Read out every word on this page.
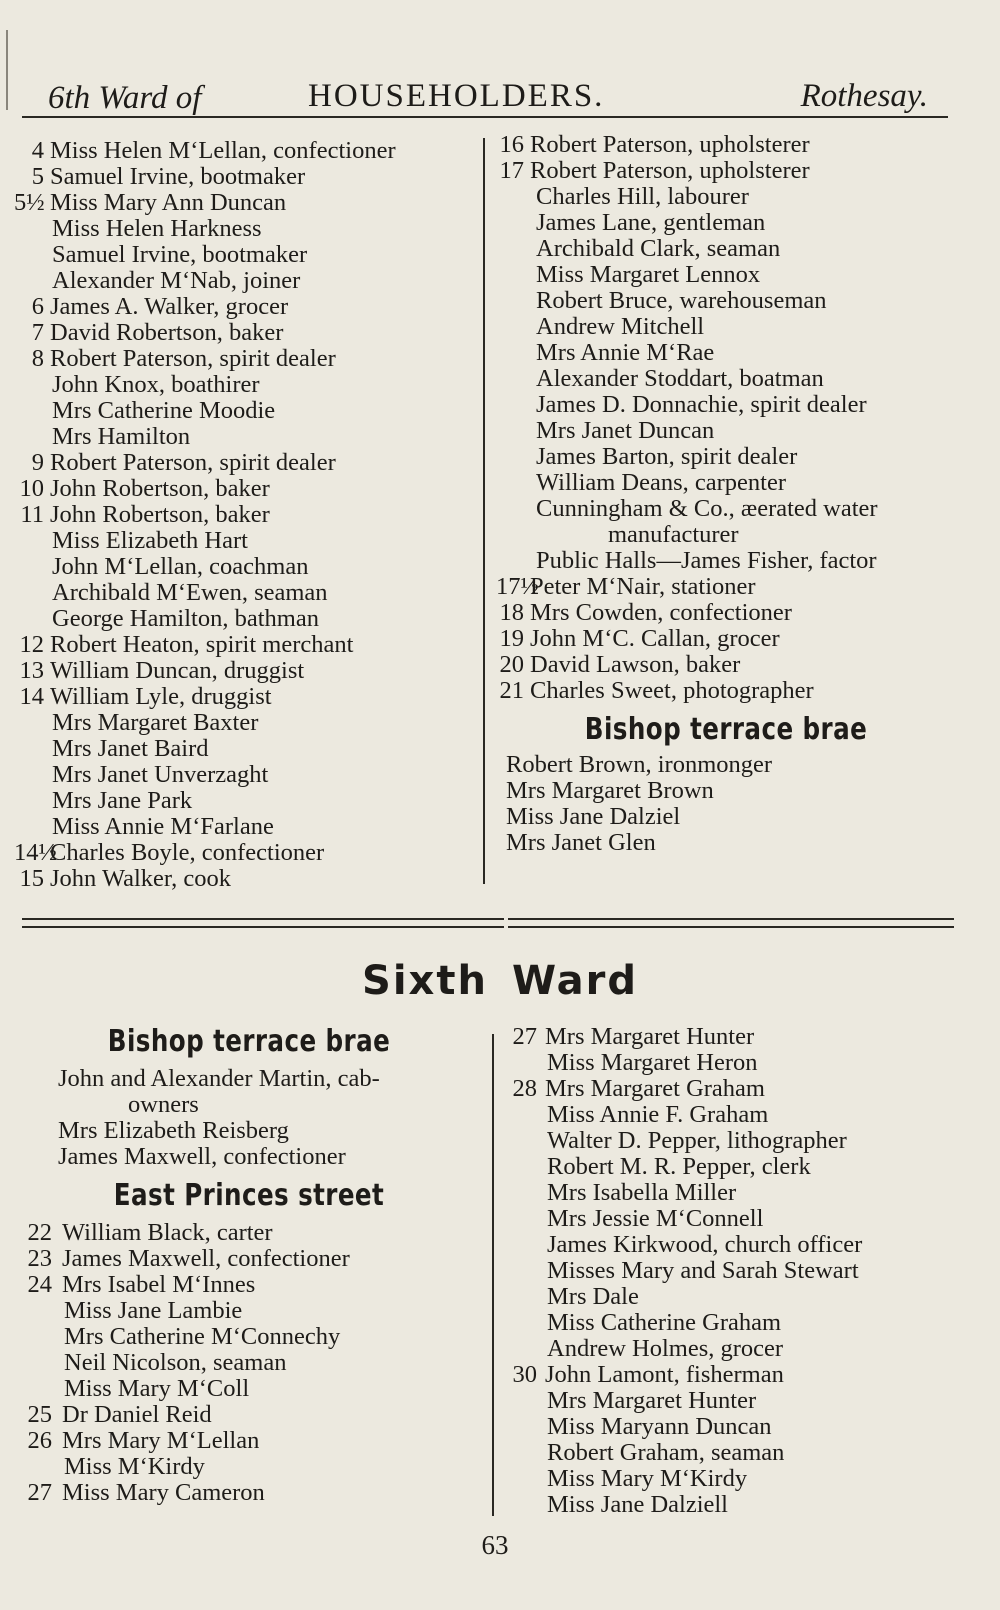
6th Ward of	HOUSEHOLDERS.	Rothesay.
4 Miss Helen M‘Lellan, confectioner
5 Samuel Irvine, bootmaker
5½ Miss Mary Ann Duncan
Miss Helen Harkness
Samuel Irvine, bootmaker
Alexander M‘Nab, joiner
6 James A. Walker, grocer
7 David Robertson, baker
8 Robert Paterson, spirit dealer
John Knox, boathirer
Mrs Catherine Moodie
Mrs Hamilton
9 Robert Paterson, spirit dealer
10 John Robertson, baker
11 John Robertson, baker
Miss Elizabeth Hart
John M‘Lellan, coachman
Archibald M‘Ewen, seaman
George Hamilton, bathman
12 Robert Heaton, spirit merchant
13 William Duncan, druggist
14 William Lyle, druggist
Mrs Margaret Baxter
Mrs Janet Baird
Mrs Janet Unverzaght
Mrs Jane Park
Miss Annie M‘Farlane
14½
Charles Boyle, confectioner
15 John Walker, cook
16 Robert Paterson, upholsterer
17 Robert Paterson, upholsterer
Charles Hill, labourer
James Lane, gentleman
Archibald Clark, seaman
Miss Margaret Lennox
Robert Bruce, warehouseman
Andrew Mitchell
Mrs Annie M‘Rae
Alexander Stoddart, boatman
James D. Donnachie, spirit dealer
Mrs Janet Duncan
James Barton, spirit dealer
William Deans, carpenter
Cunningham & Co., æerated water
manufacturer
Public Halls—James Fisher, factor
17½
Peter M‘Nair, stationer
18 Mrs Cowden, confectioner
19 John M‘C. Callan, grocer
20 David Lawson, baker
21 Charles Sweet, photographer
Bishop terrace brae
Robert Brown, ironmonger
Mrs Margaret Brown
Miss Jane Dalziel
Mrs Janet Glen
Sixth Ward
Bishop terrace brae
John and Alexander Martin, cab-
owners
Mrs Elizabeth Reisberg
James Maxwell, confectioner
East Princes street
22 William Black, carter
23 James Maxwell, confectioner
24 Mrs Isabel M‘Innes
Miss Jane Lambie
Mrs Catherine M‘Connechy
Neil Nicolson, seaman
Miss Mary M‘Coll
25 Dr Daniel Reid
26 Mrs Mary M‘Lellan
Miss M‘Kirdy
27 Miss Mary Cameron
27 Mrs Margaret Hunter
Miss Margaret Heron
28 Mrs Margaret Graham
Miss Annie F. Graham
Walter D. Pepper, lithographer
Robert M. R. Pepper, clerk
Mrs Isabella Miller
Mrs Jessie M‘Connell
James Kirkwood, church officer
Misses Mary and Sarah Stewart
Mrs Dale
Miss Catherine Graham
Andrew Holmes, grocer
30 John Lamont, fisherman
Mrs Margaret Hunter
Miss Maryann Duncan
Robert Graham, seaman
Miss Mary M‘Kirdy
Miss Jane Dalziell
63
